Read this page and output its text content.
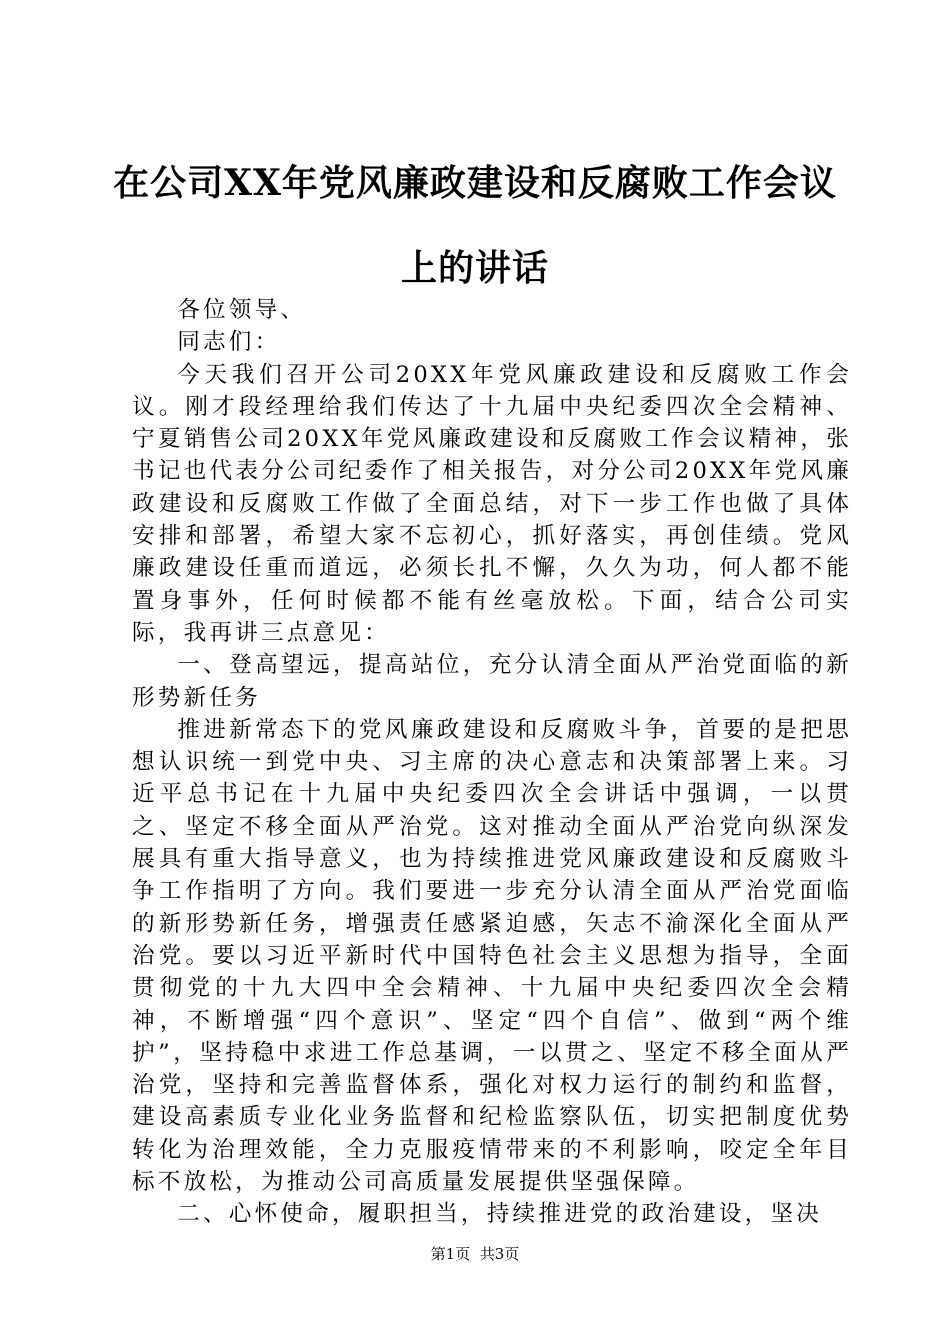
在公司XX年党风廉政建设和反腐败工作会议
上的讲话

各位领导、

同志们：

今天我们召开公司20XX年党风廉政建设和反腐败工作会议。刚才段经理给我们传达了十九届中央纪委四次全会精神、宁夏销售公司20XX年党风廉政建设和反腐败工作会议精神，张书记也代表分公司纪委作了相关报告，对分公司20XX年党风廉政建设和反腐败工作做了全面总结，对下一步工作也做了具体安排和部署，希望大家不忘初心，抓好落实，再创佳绩。党风廉政建设任重而道远，必须长扎不懈，久久为功，何人都不能置身事外，任何时候都不能有丝毫放松。下面，结合公司实际，我再讲三点意见：

一、登高望远，提高站位，充分认清全面从严治党面临的新形势新任务

推进新常态下的党风廉政建设和反腐败斗争，首要的是把思想认识统一到党中央、习主席的决心意志和决策部署上来。习近平总书记在十九届中央纪委四次全会讲话中强调，一以贯之、坚定不移全面从严治党。这对推动全面从严治党向纵深发展具有重大指导意义，也为持续推进党风廉政建设和反腐败斗争工作指明了方向。我们要进一步充分认清全面从严治党面临的新形势新任务，增强责任感紧迫感，矢志不渝深化全面从严治党。要以习近平新时代中国特色社会主义思想为指导，全面贯彻党的十九大四中全会精神、十九届中央纪委四次全会精神，不断增强“四个意识”、坚定“四个自信”、做到“两个维护”，坚持稳中求进工作总基调，一以贯之、坚定不移全面从严治党，坚持和完善监督体系，强化对权力运行的制约和监督，建设高素质专业化业务监督和纪检监察队伍，切实把制度优势转化为治理效能，全力克服疫情带来的不利影响，咬定全年目标不放松，为推动公司高质量发展提供坚强保障。

二、心怀使命，履职担当，持续推进党的政治建设，坚决

第1页 共3页
